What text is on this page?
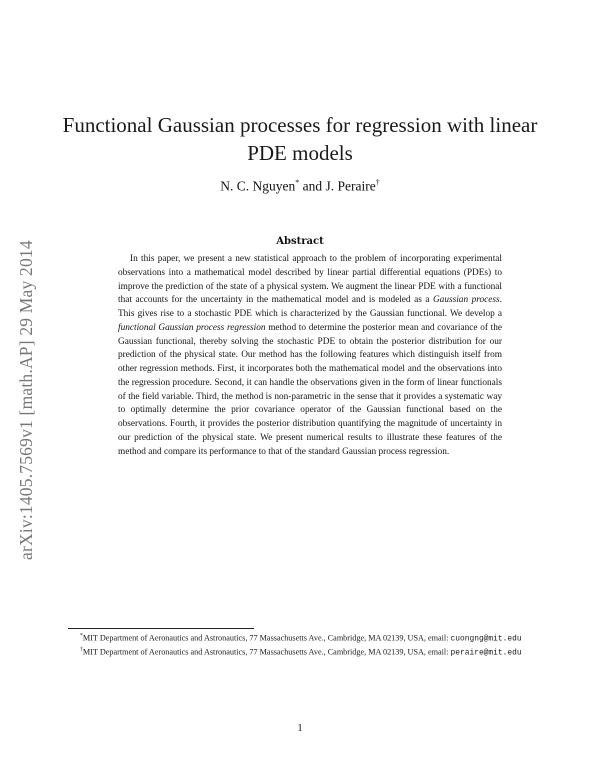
arXiv:1405.7569v1 [math.AP] 29 May 2014
Functional Gaussian processes for regression with linear
PDE models
N. C. Nguyen* and J. Peraire†
Abstract
In this paper, we present a new statistical approach to the problem of incorporating experimental observations into a mathematical model described by linear partial differential equations (PDEs) to improve the prediction of the state of a physical system. We augment the linear PDE with a functional that accounts for the uncertainty in the mathematical model and is modeled as a Gaussian process. This gives rise to a stochastic PDE which is characterized by the Gaussian functional. We develop a functional Gaussian process regression method to determine the posterior mean and covariance of the Gaussian functional, thereby solving the stochastic PDE to obtain the posterior distribution for our prediction of the physical state. Our method has the following features which distinguish itself from other regression methods. First, it incorporates both the mathematical model and the observations into the regression procedure. Second, it can handle the observations given in the form of linear functionals of the field variable. Third, the method is non-parametric in the sense that it provides a systematic way to optimally determine the prior covariance operator of the Gaussian functional based on the observations. Fourth, it provides the posterior distribution quantifying the magnitude of uncertainty in our prediction of the physical state. We present numerical results to illustrate these features of the method and compare its performance to that of the standard Gaussian process regression.
*MIT Department of Aeronautics and Astronautics, 77 Massachusetts Ave., Cambridge, MA 02139, USA, email: cuongng@mit.edu
†MIT Department of Aeronautics and Astronautics, 77 Massachusetts Ave., Cambridge, MA 02139, USA, email: peraire@mit.edu
1
